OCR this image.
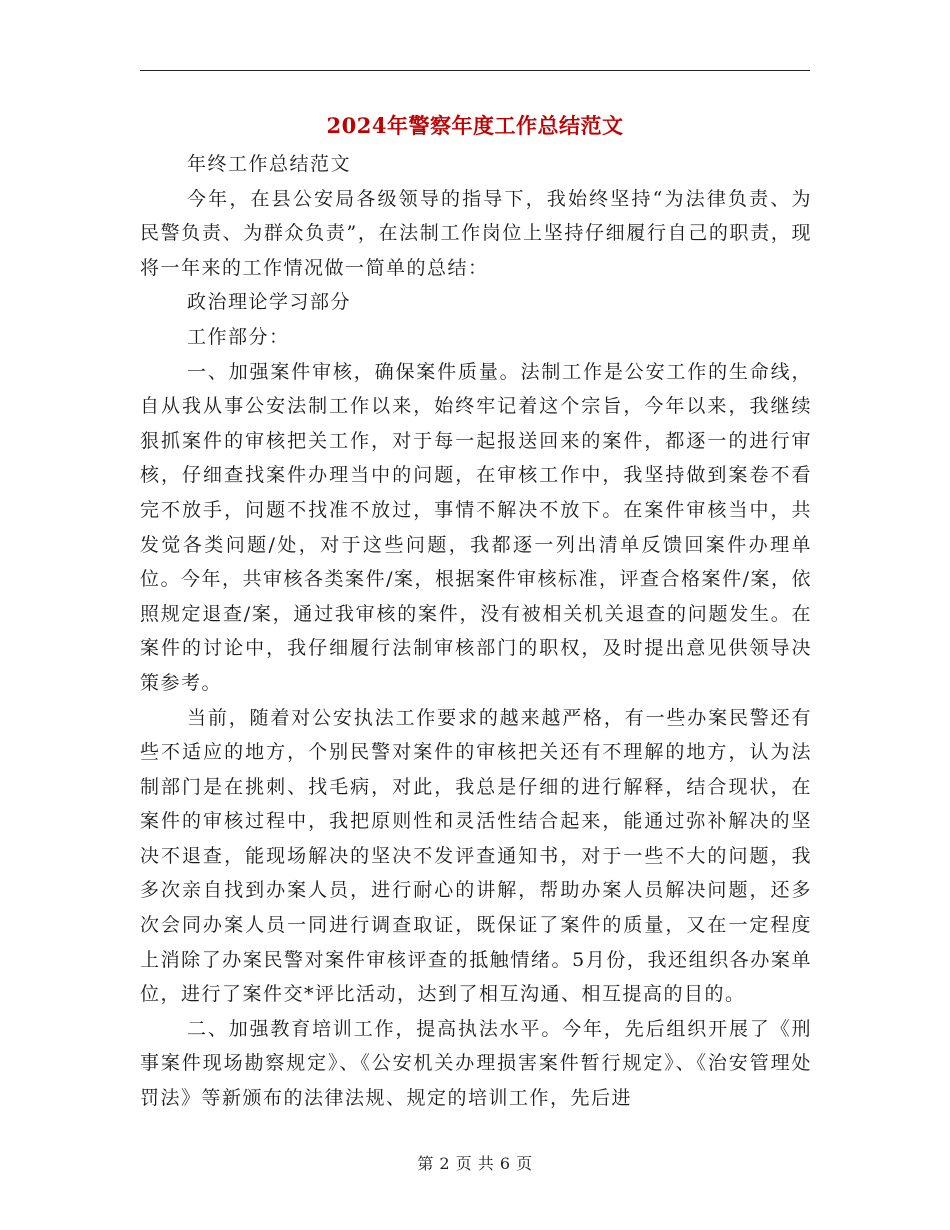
2024年警察年度工作总结范文

年终工作总结范文

今年，在县公安局各级领导的指导下，我始终坚持“为法律负责、为民警负责、为群众负责”，在法制工作岗位上坚持仔细履行自己的职责，现将一年来的工作情况做一简单的总结：

政治理论学习部分

工作部分：

一、加强案件审核，确保案件质量。法制工作是公安工作的生命线，自从我从事公安法制工作以来，始终牢记着这个宗旨，今年以来，我继续狠抓案件的审核把关工作，对于每一起报送回来的案件，都逐一的进行审核，仔细查找案件办理当中的问题，在审核工作中，我坚持做到案卷不看完不放手，问题不找准不放过，事情不解决不放下。在案件审核当中，共发觉各类问题/处，对于这些问题，我都逐一列出清单反馈回案件办理单位。今年，共审核各类案件/案，根据案件审核标准，评查合格案件/案，依照规定退查/案，通过我审核的案件，没有被相关机关退查的问题发生。在案件的讨论中，我仔细履行法制审核部门的职权，及时提出意见供领导决策参考。

当前，随着对公安执法工作要求的越来越严格，有一些办案民警还有些不适应的地方，个别民警对案件的审核把关还有不理解的地方，认为法制部门是在挑刺、找毛病，对此，我总是仔细的进行解释，结合现状，在案件的审核过程中，我把原则性和灵活性结合起来，能通过弥补解决的坚决不退查，能现场解决的坚决不发评查通知书，对于一些不大的问题，我多次亲自找到办案人员，进行耐心的讲解，帮助办案人员解决问题，还多次会同办案人员一同进行调查取证，既保证了案件的质量，又在一定程度上消除了办案民警对案件审核评查的抵触情绪。5月份，我还组织各办案单位，进行了案件交*评比活动，达到了相互沟通、相互提高的目的。

二、加强教育培训工作，提高执法水平。今年，先后组织开展了《刑事案件现场勘察规定》、《公安机关办理损害案件暂行规定》、《治安管理处罚法》等新颁布的法律法规、规定的培训工作，先后进

第 2 页 共 6 页
